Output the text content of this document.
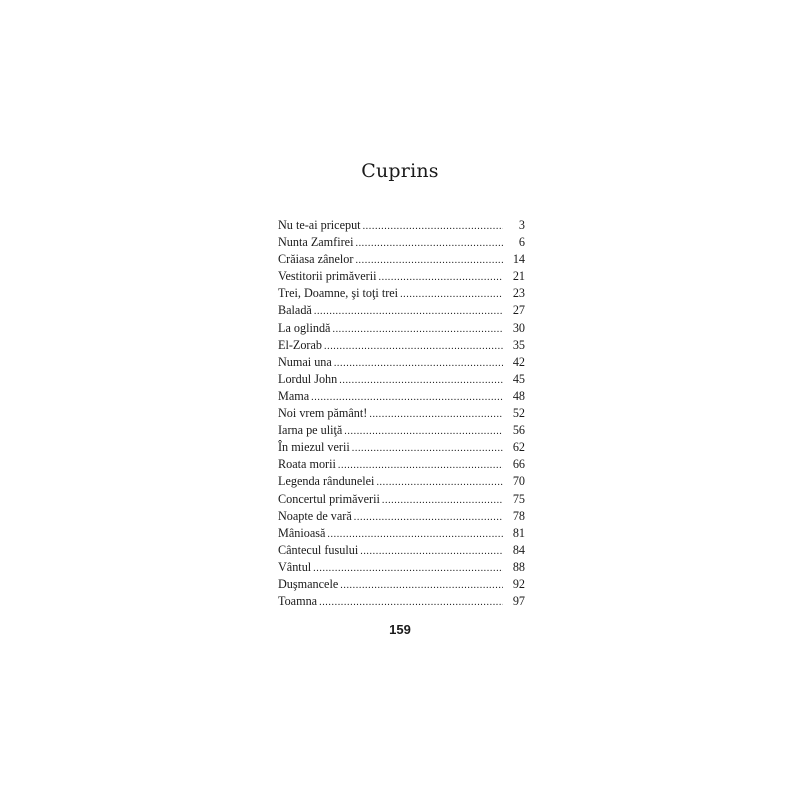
Cuprins
Nu te-ai priceput .....	3
Nunta Zamfirei .....	6
Crăiasa zânelor .....	14
Vestitorii primăverii .....	21
Trei, Doamne, şi toţi trei .....	23
Baladă .....	27
La oglindă .....	30
El-Zorab .....	35
Numai una .....	42
Lordul John .....	45
Mama .....	48
Noi vrem pământ! .....	52
Iarna pe uliţă .....	56
În miezul verii .....	62
Roata morii .....	66
Legenda rândunelei .....	70
Concertul primăverii .....	75
Noapte de vară .....	78
Mânioasă .....	81
Cântecul fusului .....	84
Vântul .....	88
Duşmancele .....	92
Toamna .....	97
159
